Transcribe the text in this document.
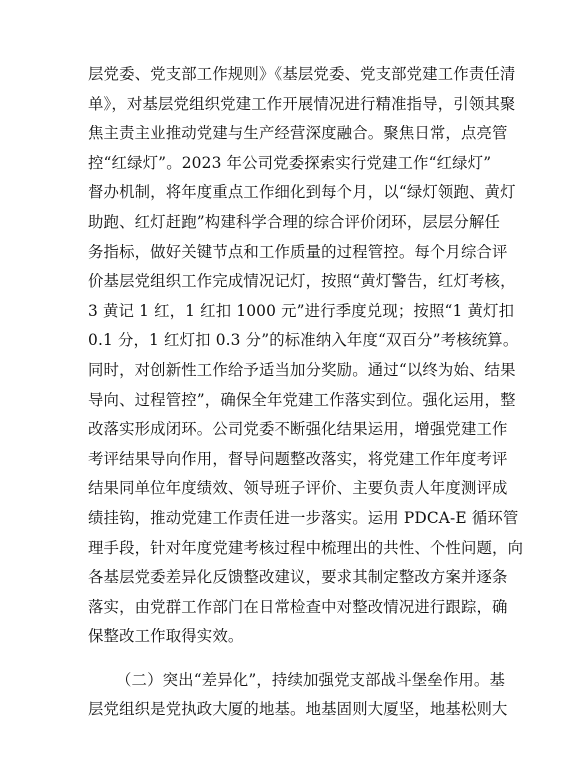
层党委、党支部工作规则》《基层党委、党支部党建工作责任清
单》，对基层党组织党建工作开展情况进行精准指导，引领其聚
焦主责主业推动党建与生产经营深度融合。聚焦日常，点亮管
控“红绿灯”。2023 年公司党委探索实行党建工作“红绿灯”
督办机制，将年度重点工作细化到每个月，以“绿灯领跑、黄灯
助跑、红灯赶跑”构建科学合理的综合评价闭环，层层分解任
务指标，做好关键节点和工作质量的过程管控。每个月综合评
价基层党组织工作完成情况记灯，按照“黄灯警告，红灯考核，
3 黄记 1 红，1 红扣 1000 元”进行季度兑现；按照“1 黄灯扣
0.1 分，1 红灯扣 0.3 分”的标准纳入年度“双百分”考核统算。
同时，对创新性工作给予适当加分奖励。通过“以终为始、结果
导向、过程管控”，确保全年党建工作落实到位。强化运用，整
改落实形成闭环。公司党委不断强化结果运用，增强党建工作
考评结果导向作用，督导问题整改落实，将党建工作年度考评
结果同单位年度绩效、领导班子评价、主要负责人年度测评成
绩挂钩，推动党建工作责任进一步落实。运用 PDCA-E 循环管
理手段，针对年度党建考核过程中梳理出的共性、个性问题，向
各基层党委差异化反馈整改建议，要求其制定整改方案并逐条
落实，由党群工作部门在日常检查中对整改情况进行跟踪，确
保整改工作取得实效。
（二）突出“差异化”，持续加强党支部战斗堡垒作用。基
层党组织是党执政大厦的地基。地基固则大厦坚，地基松则大
